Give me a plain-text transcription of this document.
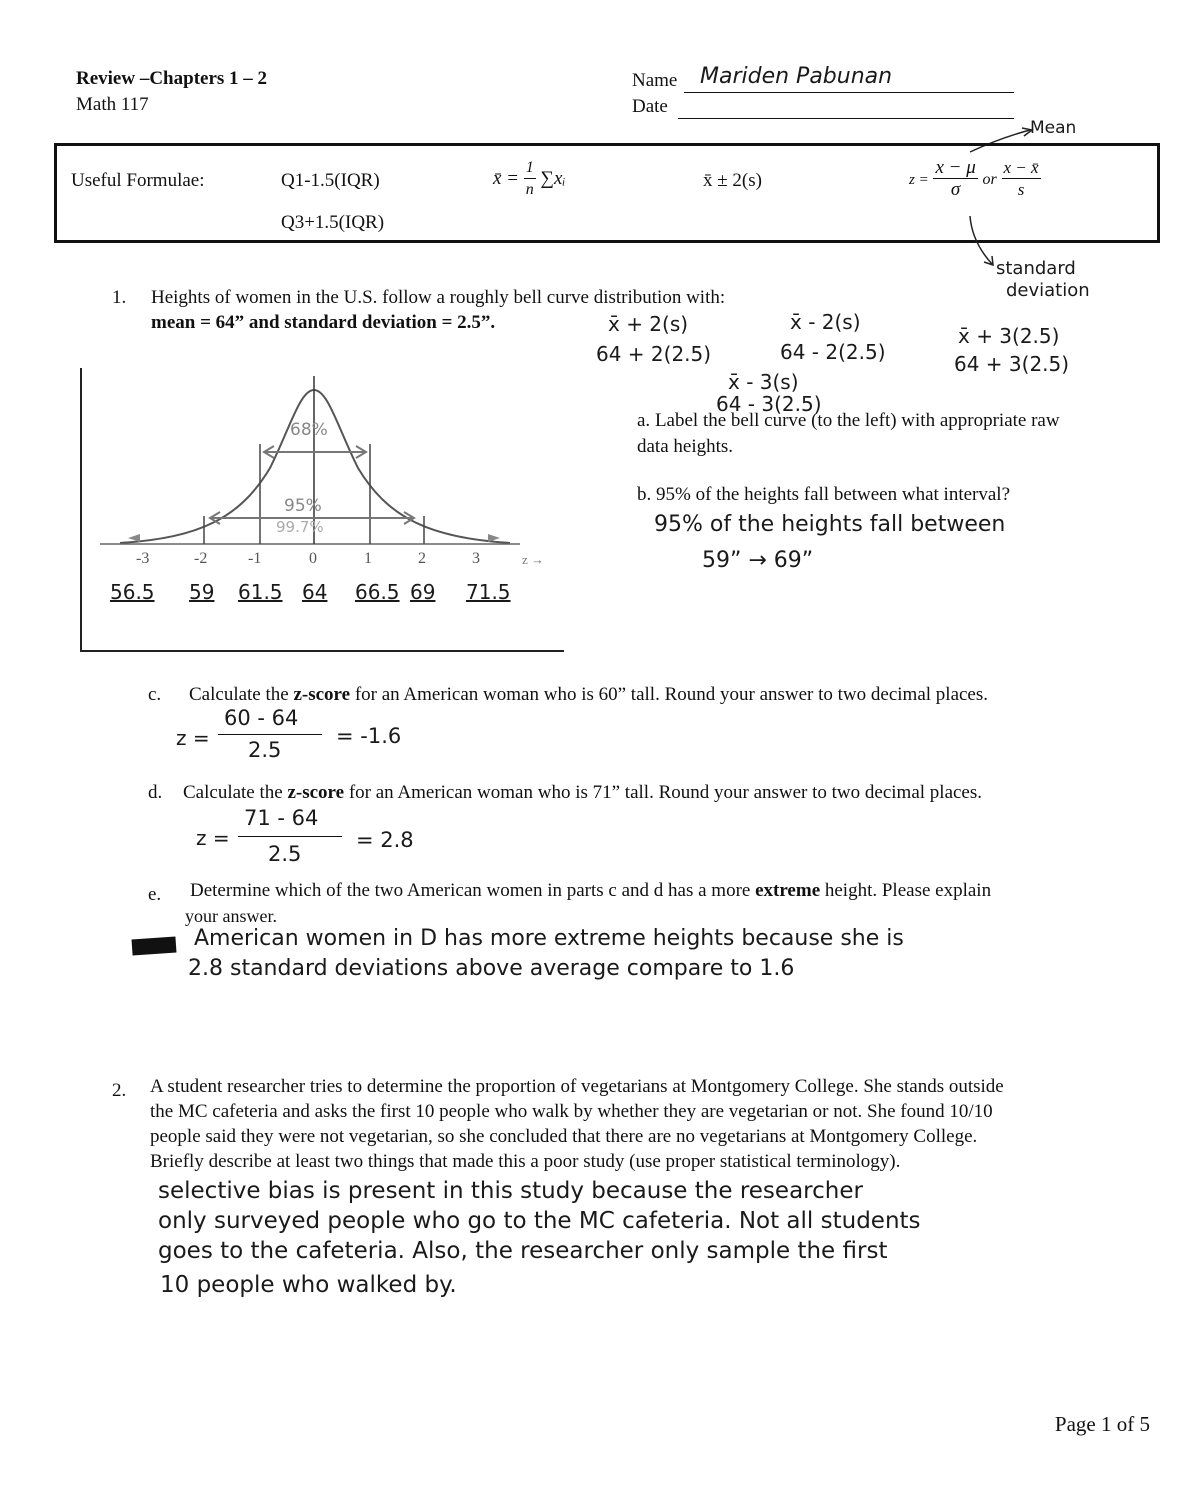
Review –Chapters 1 – 2
Math 117
Name Mariden Pabunan
Date
Mean
Useful Formulae:	Q1-1.5(IQR)
Q3+1.5(IQR)
x̄ = $\frac{1}{n}$ ∑xᵢ	x̄ ± 2(s)	$z = \frac{x - \mu}{\sigma}$ or $\frac{x - x̄}{s}$
standard
deviation
1. Heights of women in the U.S. follow a roughly bell curve distribution with:
mean = 64” and standard deviation = 2.5”.	x̄ + 2(s)
64 + 2(2.5)
x̄ - 2(s)
64 - 2(2.5)
x̄ + 3(2.5)
64 + 3(2.5)
x̄ - 3(s)
64 - 3(2.5)
68%
95%
99.7%
-3	-2	-1	0	1	2	3	z →
56.5 59 61.5 64 66.5 69 71.5
a. Label the bell curve (to the left) with appropriate raw
data heights.
b. 95% of the heights fall between what interval?
95% of the heights fall between
59” → 69”
c. Calculate the z-score for an American woman who is 60” tall. Round your answer to two decimal places.
z =
60 - 64
2.5
= -1.6
d. Calculate the z-score for an American woman who is 71” tall. Round your answer to two decimal places.
z =
71 - 64
2.5
= 2.8
e. Determine which of the two American women in parts c and d has a more extreme height. Please explain
your answer.
American women in D has more extreme heights because she is
2.8 standard deviations above average compare to 1.6
2. A student researcher tries to determine the proportion of vegetarians at Montgomery College. She stands outside
the MC cafeteria and asks the first 10 people who walk by whether they are vegetarian or not. She found 10/10
people said they were not vegetarian, so she concluded that there are no vegetarians at Montgomery College.
Briefly describe at least two things that made this a poor study (use proper statistical terminology).
selective bias is present in this study because the researcher
only surveyed people who go to the MC cafeteria. Not all students
goes to the cafeteria. Also, the researcher only sample the first
10 people who walked by.
Page 1 of 5
